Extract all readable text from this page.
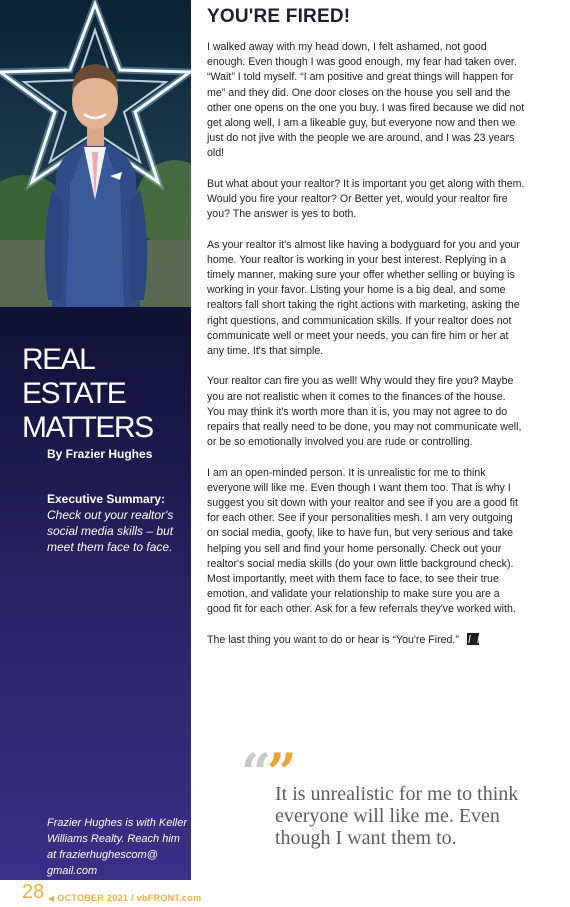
REAL ESTATE MATTERS
By Frazier Hughes
Executive Summary:
Check out your realtor's social media skills – but meet them face to face.
Frazier Hughes is with Keller Williams Realty. Reach him at frazierhughescom@ gmail.com
YOU'RE FIRED!

I walked away with my head down, I felt ashamed, not good enough. Even though I was good enough, my fear had taken over. “Wait” I told myself. “I am positive and great things will happen for me” and they did. One door closes on the house you sell and the other one opens on the one you buy. I was fired because we did not get along well, I am a likeable guy, but everyone now and then we just do not jive with the people we are around, and I was 23 years old!

But what about your realtor? It is important you get along with them. Would you fire your realtor? Or Better yet, would your realtor fire you? The answer is yes to both.

As your realtor it's almost like having a bodyguard for you and your home. Your realtor is working in your best interest. Replying in a timely manner, making sure your offer whether selling or buying is working in your favor. Listing your home is a big deal, and some realtors fall short taking the right actions with marketing, asking the right questions, and communication skills. If your realtor does not communicate well or meet your needs, you can fire him or her at any time. It's that simple.

Your realtor can fire you as well! Why would they fire you? Maybe you are not realistic when it comes to the finances of the house. You may think it's worth more than it is, you may not agree to do repairs that really need to be done, you may not communicate well, or be so emotionally involved you are rude or controlling.

I am an open-minded person. It is unrealistic for me to think everyone will like me. Even though I want them too. That is why I suggest you sit down with your realtor and see if you are a good fit for each other. See if your personalities mesh. I am very outgoing on social media, goofy, like to have fun, but very serious and take helping you sell and find your home personally. Check out your realtor's social media skills (do your own little background check). Most importantly, meet with them face to face, to see their true emotion, and validate your relationship to make sure you are a good fit for each other. Ask for a few referrals they've worked with.

The last thing you want to do or hear is “You're Fired.”

“”
It is unrealistic for me to think everyone will like me. Even though I want them to.
28 ◀ OCTOBER 2021 / vbFRONT.com
